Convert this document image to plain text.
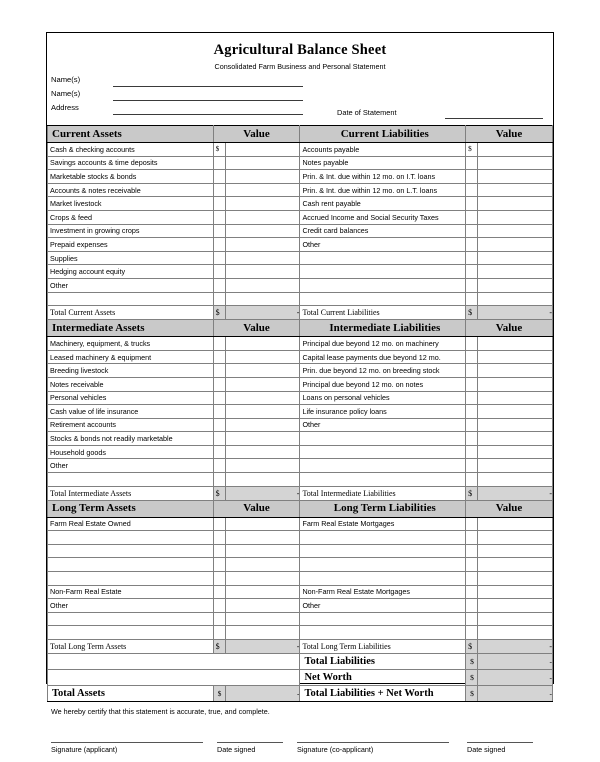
Agricultural Balance Sheet
Consolidated Farm Business and Personal Statement
Name(s)
Name(s)
Address
Date of Statement
Current Assets	Value		Current Liabilities	Value	
Cash & checking accounts	$		Accounts payable	$	
Savings accounts & time deposits			Notes payable		
Marketable stocks & bonds			Prin. & Int. due within 12 mo. on I.T. loans		
Accounts & notes receivable			Prin. & Int. due within 12 mo. on L.T. loans		
Market livestock			Cash rent payable		
Crops & feed			Accrued Income and Social Security Taxes		
Investment in growing crops			Credit card balances		
Prepaid expenses			Other		
Supplies					
Hedging account equity					
Other					

Total Current Assets	$	-	Total Current Liabilities	$	-
Intermediate Assets	Value		Intermediate Liabilities	Value	
Machinery, equipment, & trucks			Principal due beyond 12 mo. on machinery		
Leased machinery & equipment			Capital lease payments due beyond 12 mo.		
Breeding livestock			Prin. due beyond 12 mo. on breeding stock		
Notes receivable			Principal due beyond 12 mo. on notes		
Personal vehicles			Loans on personal vehicles		
Cash value of life insurance			Life insurance policy loans		
Retirement accounts			Other		
Stocks & bonds not readily marketable					
Household goods					
Other					

Total Intermediate Assets	$	-	Total Intermediate Liabilities	$	-
Long Term Assets	Value		Long Term Liabilities	Value	
Farm Real Estate Owned			Farm Real Estate Mortgages		

Non-Farm Real Estate			Non-Farm Real Estate Mortgages		
Other			Other		

Total Long Term Assets	$	-	Total Long Term Liabilities	$	-
			Total Liabilities	$	-
			Net Worth	$	-
Total Assets	$	-	Total Liabilities + Net Worth	$	-
We hereby certify that this statement is accurate, true, and complete.
Signature (applicant)	Date signed	Signature (co-applicant)	Date signed
